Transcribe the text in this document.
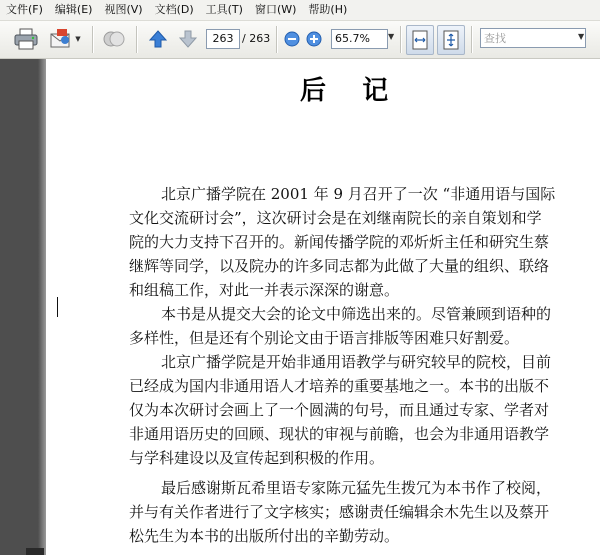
文件(F)	编辑(E)	视图(V)	文档(D)	工具(T)	窗口(W)	帮助(H)
▼	263 / 263	65.7%	▼	查找	▼
后    记
北京广播学院在 2001 年 9 月召开了一次 “非通用语与国际
文化交流研讨会”，这次研讨会是在刘继南院长的亲自策划和学
院的大力支持下召开的。新闻传播学院的邓炘炘主任和研究生蔡
继辉等同学，以及院办的许多同志都为此做了大量的组织、联络
和组稿工作，对此一并表示深深的谢意。
本书是从提交大会的论文中筛选出来的。尽管兼顾到语种的
多样性，但是还有个别论文由于语言排版等困难只好割爱。
北京广播学院是开始非通用语教学与研究较早的院校，目前
已经成为国内非通用语人才培养的重要基地之一。本书的出版不
仅为本次研讨会画上了一个圆满的句号，而且通过专家、学者对
非通用语历史的回顾、现状的审视与前瞻，也会为非通用语教学
与学科建设以及宣传起到积极的作用。
最后感谢斯瓦希里语专家陈元猛先生拨冗为本书作了校阅，
并与有关作者进行了文字核实；感谢责任编辑余木先生以及蔡开
松先生为本书的出版所付出的辛勤劳动。
